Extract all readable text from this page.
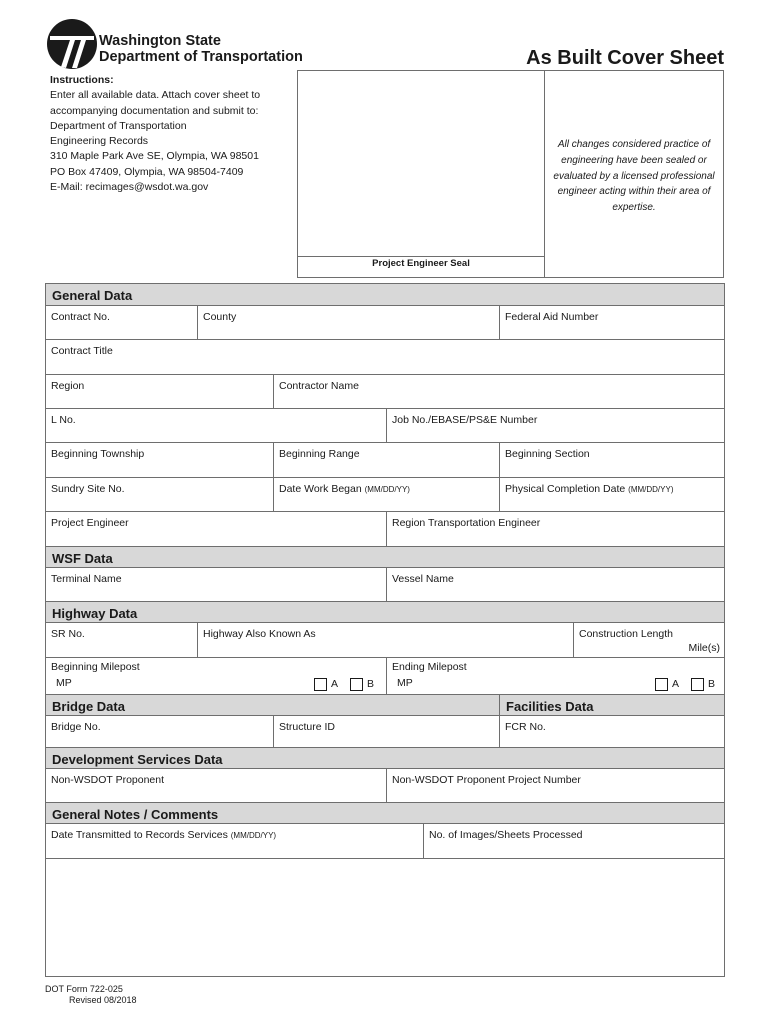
Washington State
Department of Transportation	As Built Cover Sheet
Instructions:
Enter all available data. Attach cover sheet to
accompanying documentation and submit to:
Department of Transportation
Engineering Records
310 Maple Park Ave SE, Olympia, WA 98501
PO Box 47409, Olympia, WA 98504-7409
E-Mail: recimages@wsdot.wa.gov
Project Engineer Seal
All changes considered practice of engineering have been sealed or evaluated by a licensed professional engineer acting within their area of expertise.
General Data
Contract No.	County	Federal Aid Number
Contract Title
Region	Contractor Name
L No.	Job No./EBASE/PS&E Number
Beginning Township	Beginning Range	Beginning Section
Sundry Site No.	Date Work Began (MM/DD/YY)	Physical Completion Date (MM/DD/YY)
Project Engineer	Region Transportation Engineer
WSF Data
Terminal Name	Vessel Name
Highway Data
SR No.	Highway Also Known As	Construction Length
Mile(s)
Beginning Milepost
MP	A	B
Ending Milepost
MP	A	B
Bridge Data	Facilities Data
Bridge No.	Structure ID	FCR No.
Development Services Data
Non-WSDOT Proponent	Non-WSDOT Proponent Project Number
General Notes / Comments
Date Transmitted to Records Services (MM/DD/YY)	No. of Images/Sheets Processed
DOT Form 722-025
Revised 08/2018
